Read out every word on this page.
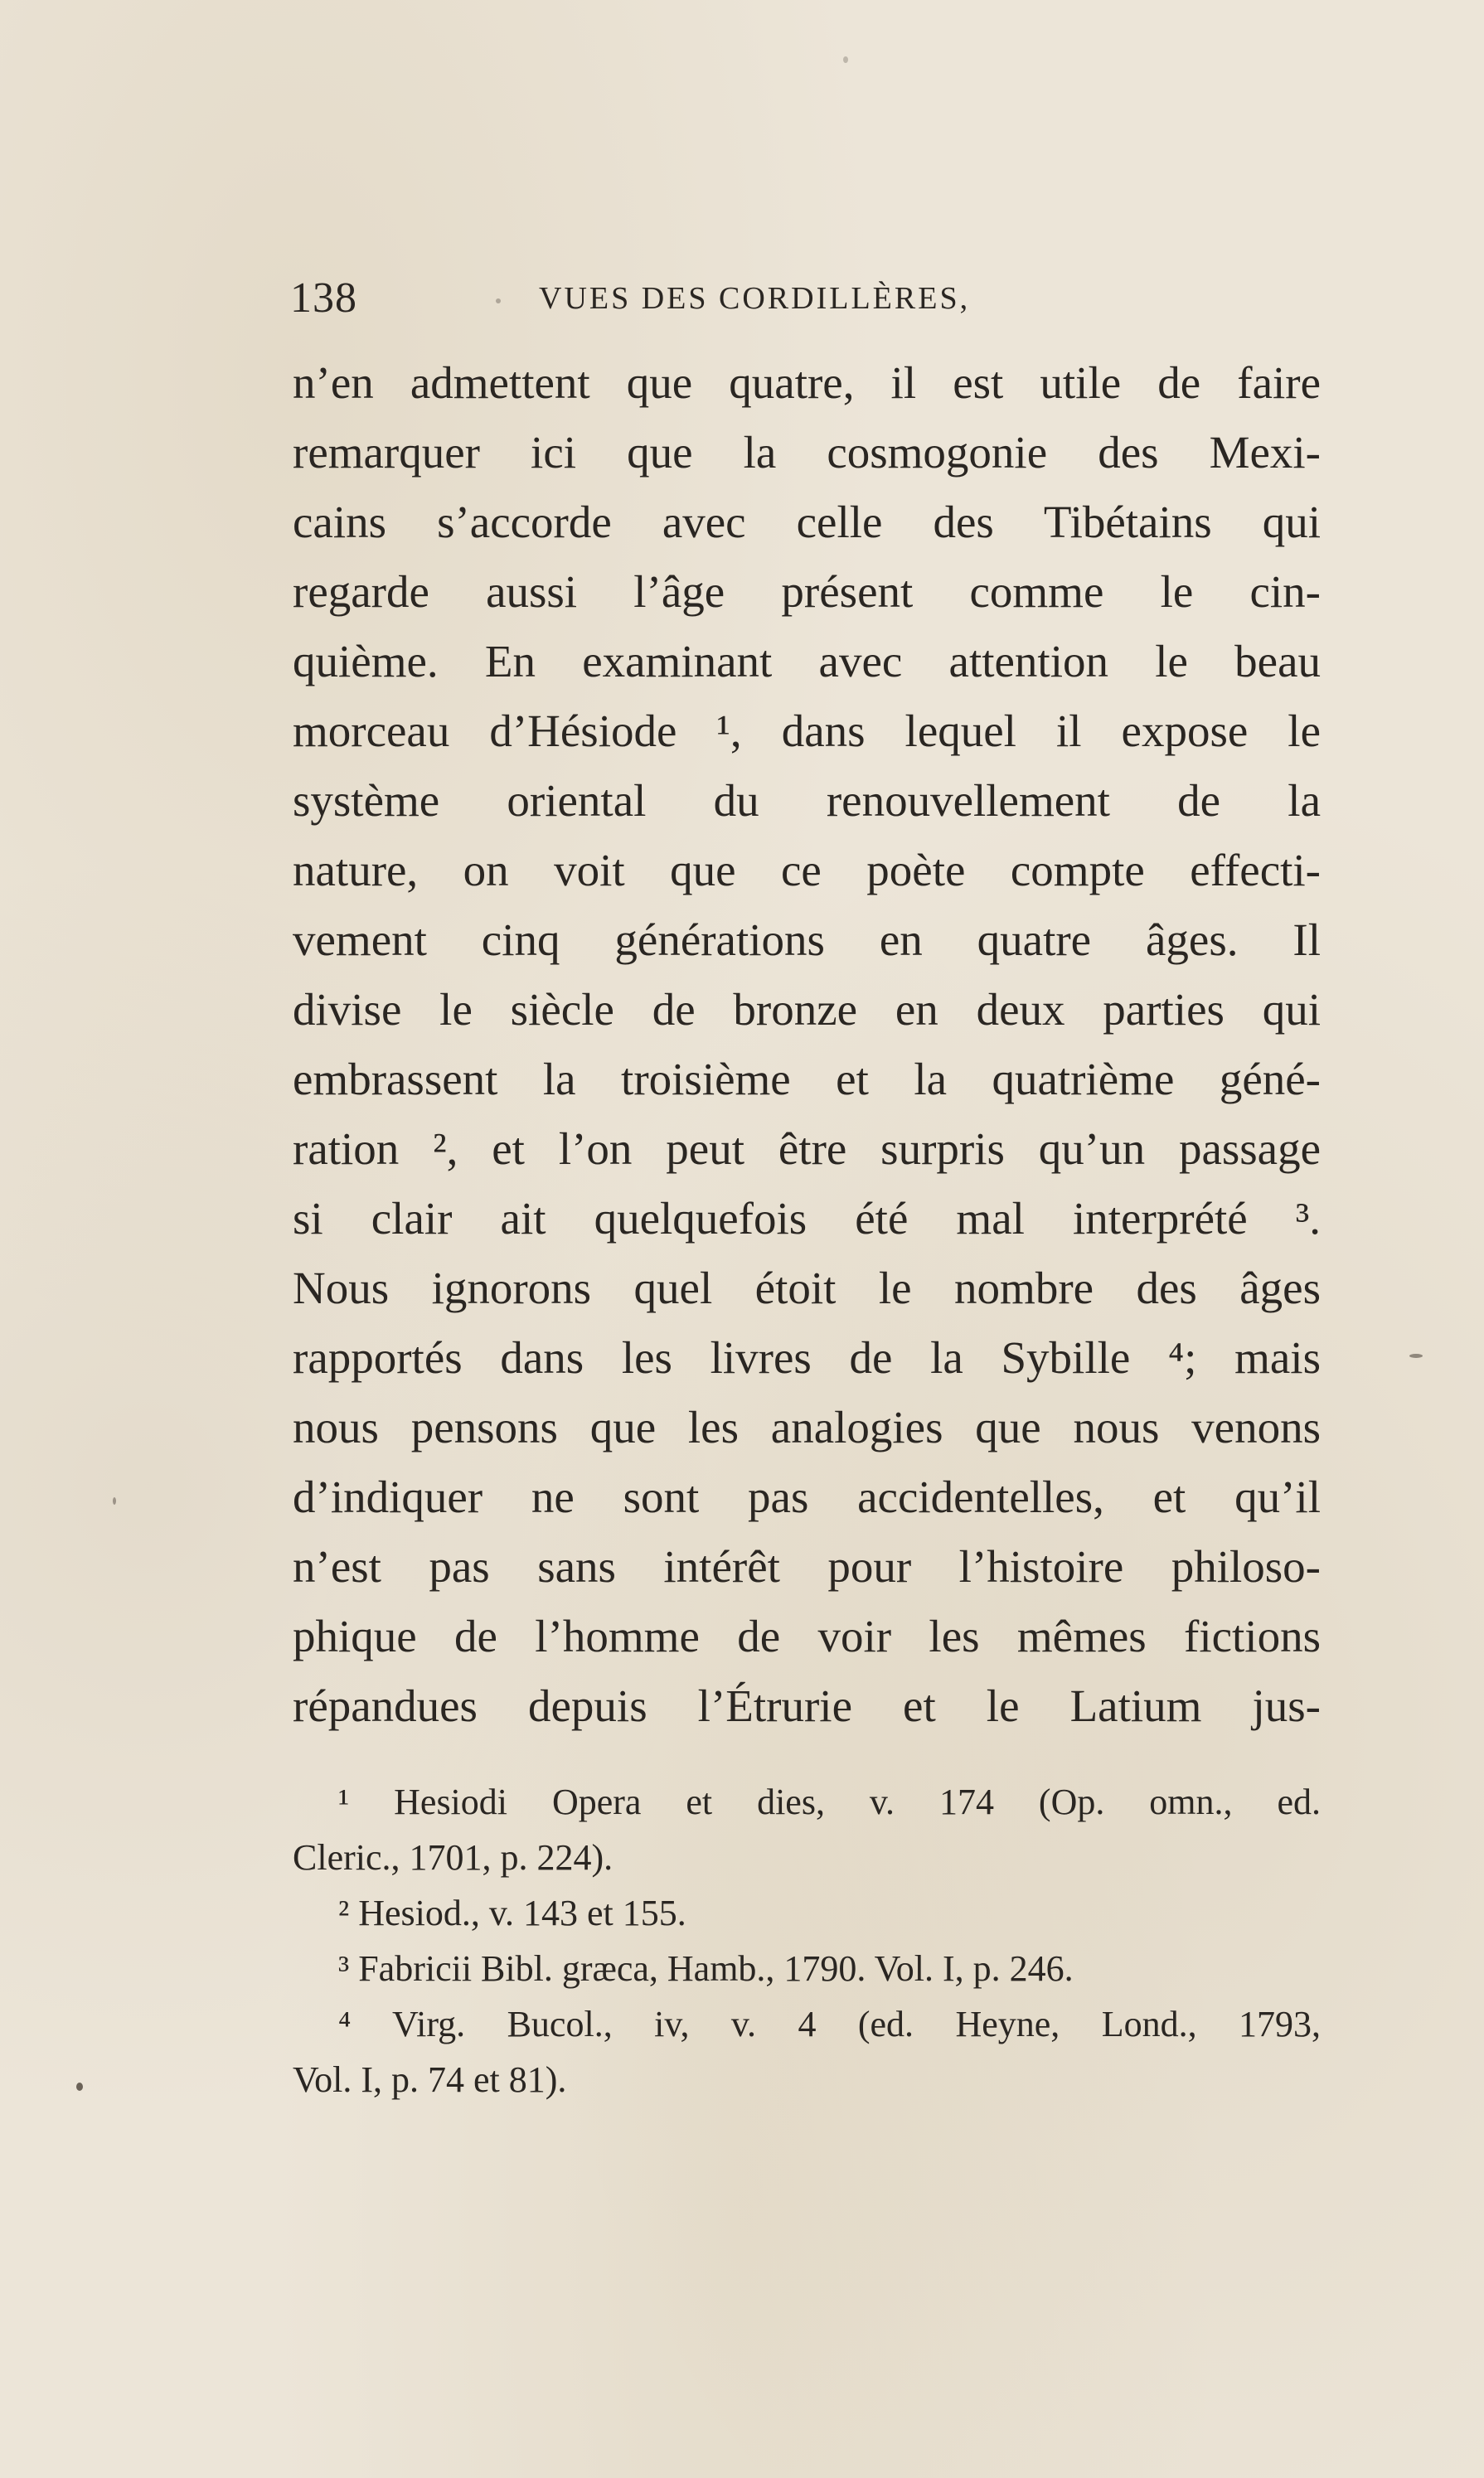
138	VUES DES CORDILLÈRES,
n’en admettent que quatre, il est utile de faire
remarquer ici que la cosmogonie des Mexi-
cains s’accorde avec celle des Tibétains qui
regarde aussi l’âge présent comme le cin-
quième. En examinant avec attention le beau
morceau d’Hésiode ¹, dans lequel il expose le
système oriental du renouvellement de la
nature, on voit que ce poète compte effecti-
vement cinq générations en quatre âges. Il
divise le siècle de bronze en deux parties qui
embrassent la troisième et la quatrième géné-
ration ², et l’on peut être surpris qu’un passage
si clair ait quelquefois été mal interprété ³.
Nous ignorons quel étoit le nombre des âges
rapportés dans les livres de la Sybille ⁴; mais
nous pensons que les analogies que nous venons
d’indiquer ne sont pas accidentelles, et qu’il
n’est pas sans intérêt pour l’histoire philoso-
phique de l’homme de voir les mêmes fictions
répandues depuis l’Étrurie et le Latium jus-
¹ Hesiodi Opera et dies, v. 174 (Op. omn., ed.
Cleric., 1701, p. 224).
² Hesiod., v. 143 et 155.
³ Fabricii Bibl. græca, Hamb., 1790. Vol. I, p. 246.
⁴ Virg. Bucol., iv, v. 4 (ed. Heyne, Lond., 1793,
Vol. I, p. 74 et 81).
